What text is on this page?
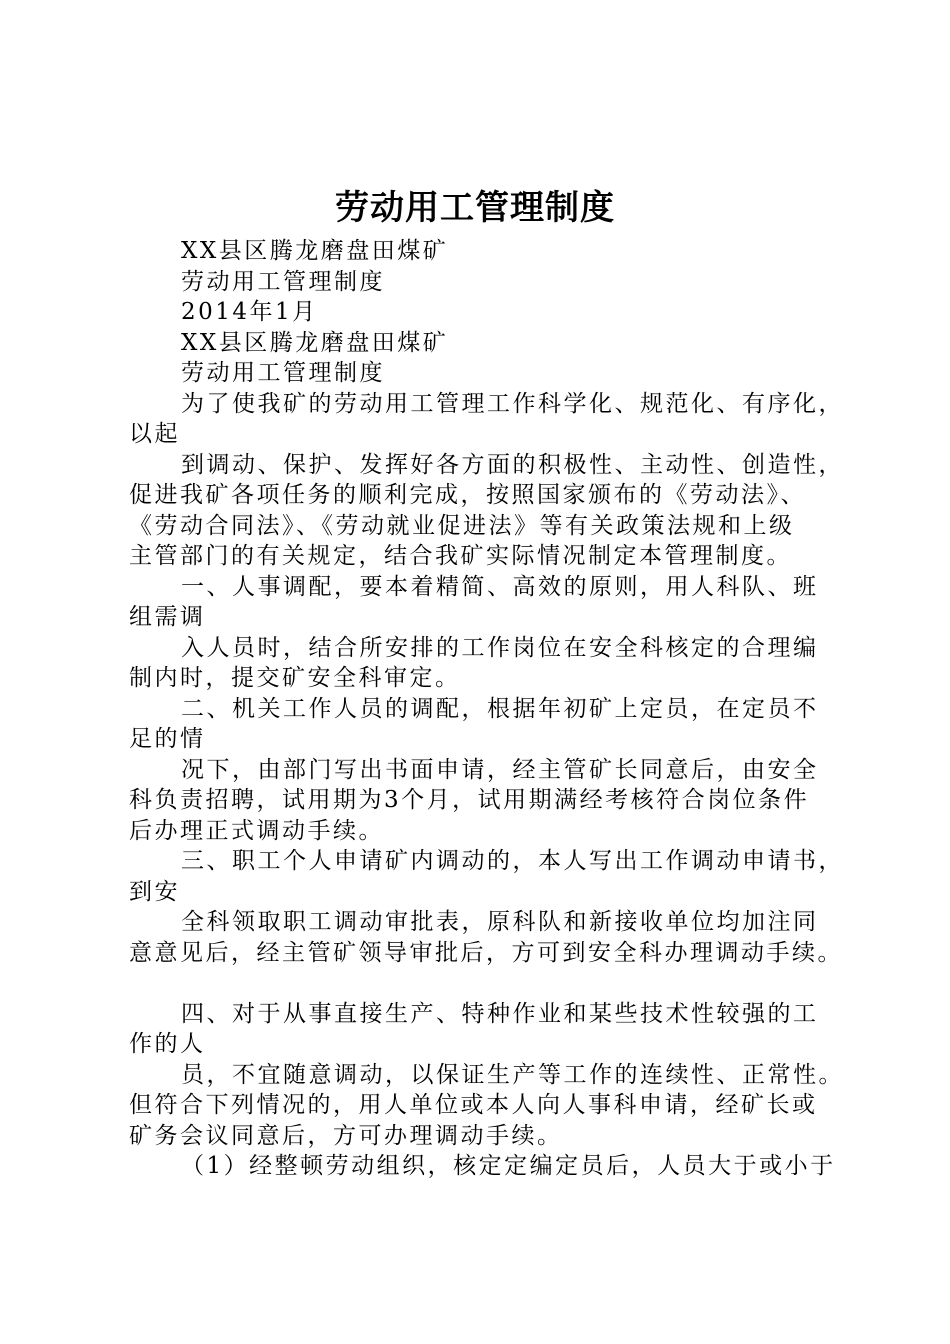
劳动用工管理制度
XX县区腾龙磨盘田煤矿
劳动用工管理制度
2014年1月
XX县区腾龙磨盘田煤矿
劳动用工管理制度
为了使我矿的劳动用工管理工作科学化、规范化、有序化，
以起
到调动、保护、发挥好各方面的积极性、主动性、创造性，
促进我矿各项任务的顺利完成，按照国家颁布的《劳动法》、
《劳动合同法》、《劳动就业促进法》等有关政策法规和上级
主管部门的有关规定，结合我矿实际情况制定本管理制度。
一、人事调配，要本着精简、高效的原则，用人科队、班
组需调
入人员时，结合所安排的工作岗位在安全科核定的合理编
制内时，提交矿安全科审定。
二、机关工作人员的调配，根据年初矿上定员，在定员不
足的情
况下，由部门写出书面申请，经主管矿长同意后，由安全
科负责招聘，试用期为3个月，试用期满经考核符合岗位条件
后办理正式调动手续。
三、职工个人申请矿内调动的，本人写出工作调动申请书，
到安
全科领取职工调动审批表，原科队和新接收单位均加注同
意意见后，经主管矿领导审批后，方可到安全科办理调动手续。
四、对于从事直接生产、特种作业和某些技术性较强的工
作的人
员，不宜随意调动，以保证生产等工作的连续性、正常性。
但符合下列情况的，用人单位或本人向人事科申请，经矿长或
矿务会议同意后，方可办理调动手续。
（1）经整顿劳动组织，核定定编定员后，人员大于或小于
